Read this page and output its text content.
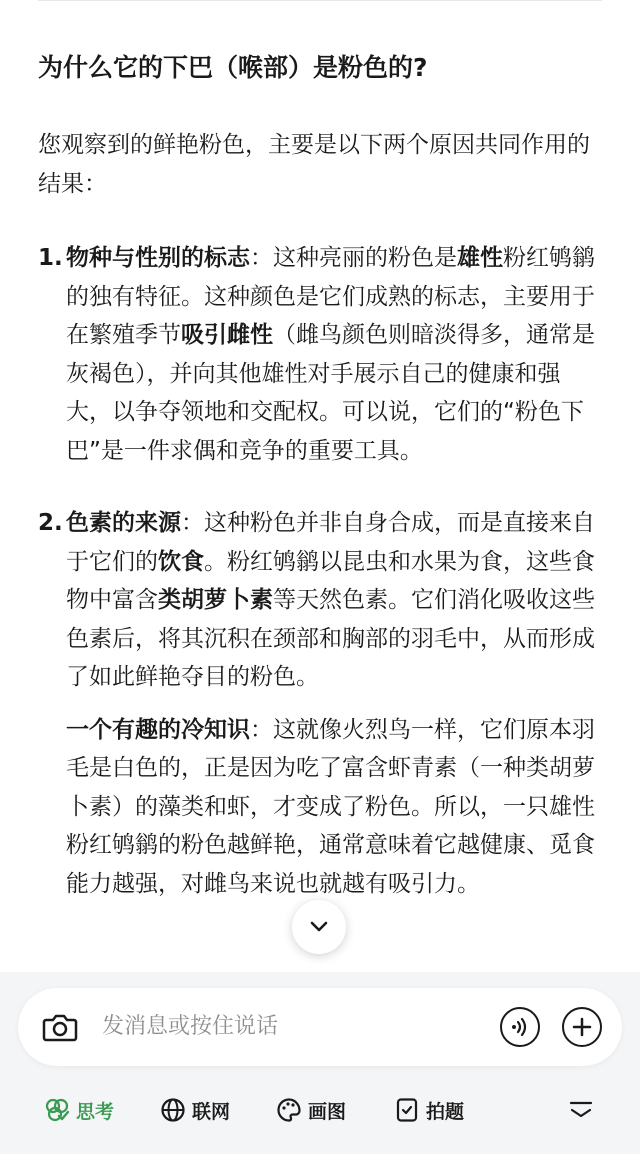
为什么它的下巴（喉部）是粉色的?

您观察到的鲜艳粉色，主要是以下两个原因共同作用的结果：

1. 物种与性别的标志：这种亮丽的粉色是雄性粉红鸲鹟的独有特征。这种颜色是它们成熟的标志，主要用于在繁殖季节吸引雌性（雌鸟颜色则暗淡得多，通常是灰褐色），并向其他雄性对手展示自己的健康和强大，以争夺领地和交配权。可以说，它们的“粉色下巴”是一件求偶和竞争的重要工具。

2. 色素的来源：这种粉色并非自身合成，而是直接来自于它们的饮食。粉红鸲鹟以昆虫和水果为食，这些食物中富含类胡萝卜素等天然色素。它们消化吸收这些色素后，将其沉积在颈部和胸部的羽毛中，从而形成了如此鲜艳夺目的粉色。

一个有趣的冷知识：这就像火烈鸟一样，它们原本羽毛是白色的，正是因为吃了富含虾青素（一种类胡萝卜素）的藻类和虾，才变成了粉色。所以，一只雄性粉红鸲鹟的粉色越鲜艳，通常意味着它越健康、觅食能力越强，对雌鸟来说也就越有吸引力。

发消息或按住说话
思考	联网	画图	拍题
